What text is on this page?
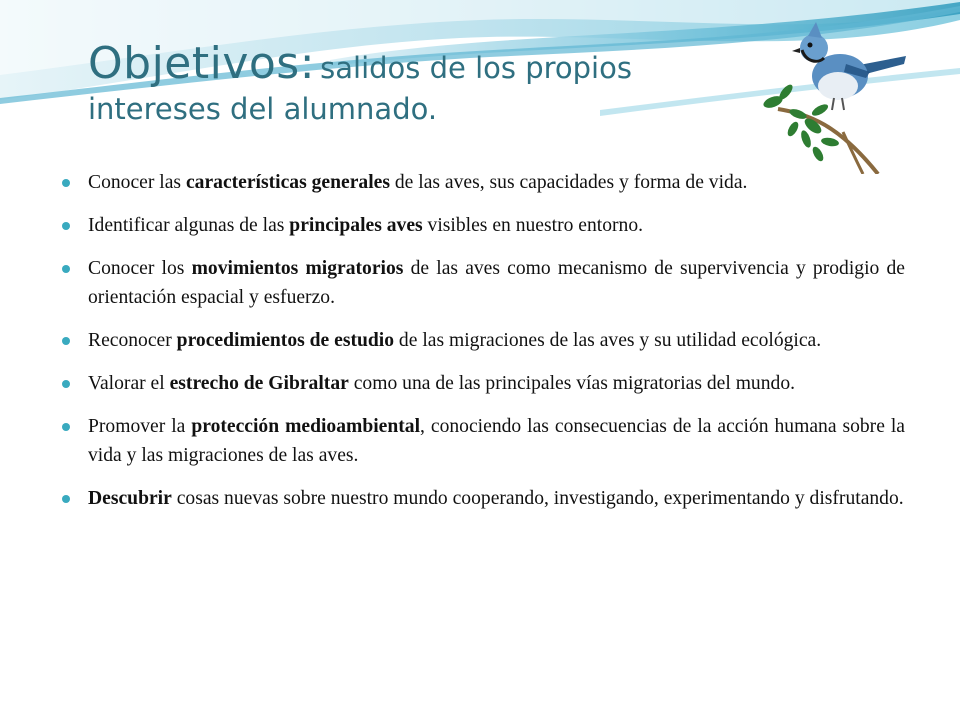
Objetivos: salidos de los propios
intereses del alumnado.
Conocer las características generales de las aves, sus capacidades y forma de vida.
Identificar algunas de las principales aves visibles en nuestro entorno.
Conocer los movimientos migratorios de las aves como mecanismo de supervivencia y prodigio de orientación espacial y esfuerzo.
Reconocer procedimientos de estudio de las migraciones de las aves y su utilidad ecológica.
Valorar el estrecho de Gibraltar como una de las principales vías migratorias del mundo.
Promover la protección medioambiental, conociendo las consecuencias de la acción humana sobre la vida y las migraciones de las aves.
Descubrir cosas nuevas sobre nuestro mundo cooperando, investigando, experimentando y disfrutando.
